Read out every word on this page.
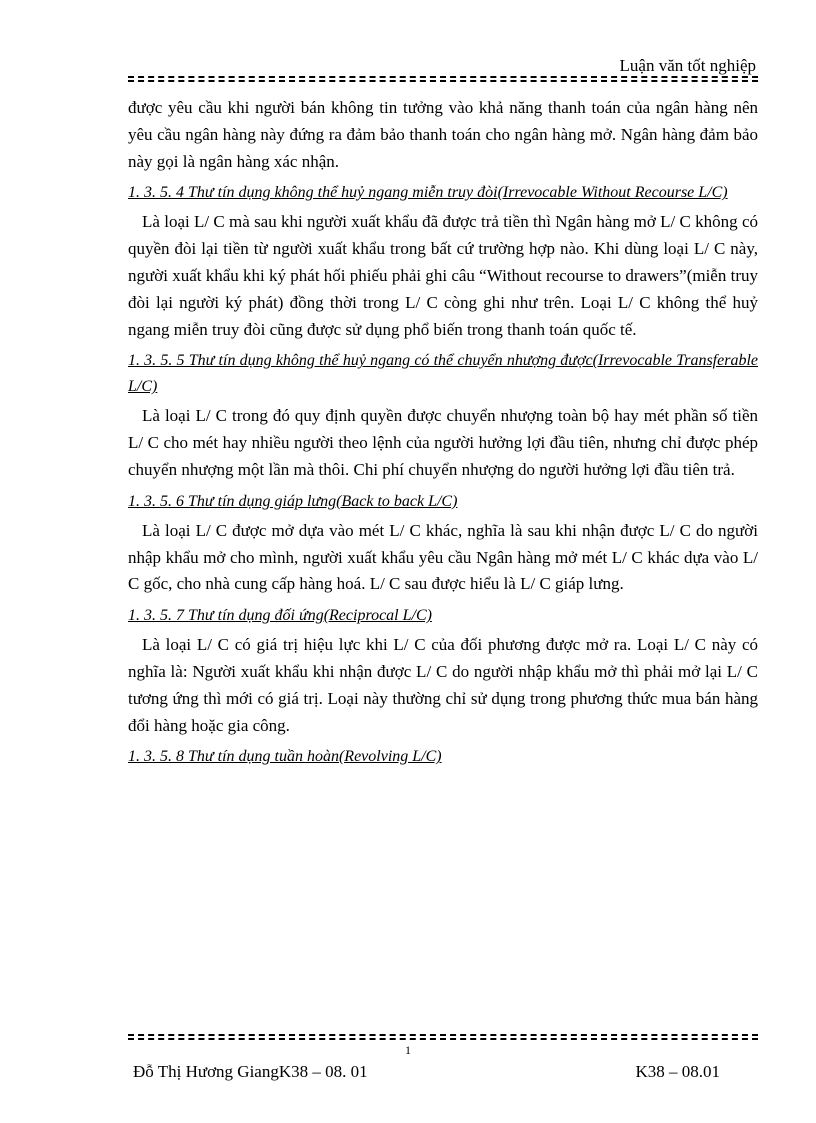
Luận văn tốt nghiệp

được yêu cầu khi người bán không tin tưởng vào khả năng thanh toán của ngân hàng nên yêu cầu ngân hàng này đứng ra đảm bảo thanh toán cho ngân hàng mở. Ngân hàng đảm bảo này gọi là ngân hàng xác nhận.

1. 3. 5. 4 Thư tín dụng không thể huỷ ngang miễn truy đòi(Irrevocable Without Recourse L/C)

Là loại L/ C mà sau khi người xuất khẩu đã được trả tiền thì Ngân hàng mở L/ C không có quyền đòi lại tiền từ người xuất khẩu trong bất cứ trường hợp nào. Khi dùng loại L/ C này, người xuất khẩu khi ký phát hối phiếu phải ghi câu “Without recourse to drawers”(miễn truy đòi lại người ký phát) đồng thời trong L/ C còng ghi như trên. Loại L/ C không thể huỷ ngang miễn truy đòi cũng được sử dụng phổ biến trong thanh toán quốc tế.

1. 3. 5. 5 Thư tín dụng không thể huỷ ngang có thể chuyển nhượng được(Irrevocable Transferable L/C)

Là loại L/ C trong đó quy định quyền được chuyển nhượng toàn bộ hay mét phần số tiền L/ C cho mét hay nhiều người theo lệnh của người hưởng lợi đầu tiên, nhưng chỉ được phép chuyển nhượng một lần mà thôi. Chi phí chuyển nhượng do người hưởng lợi đầu tiên trả.

1. 3. 5. 6 Thư tín dụng giáp lưng(Back to back L/C)

Là loại L/ C được mở dựa vào mét L/ C khác, nghĩa là sau khi nhận được L/ C do người nhập khẩu mở cho mình, người xuất khẩu yêu cầu Ngân hàng mở mét L/ C khác dựa vào L/ C gốc, cho nhà cung cấp hàng hoá. L/ C sau được hiểu là L/ C giáp lưng.

1. 3. 5. 7 Thư tín dụng đối ứng(Reciprocal L/C)

Là loại L/ C có giá trị hiệu lực khi L/ C của đối phương được mở ra. Loại L/ C này có nghĩa là: Người xuất khẩu khi nhận được L/ C do người nhập khẩu mở thì phải mở lại L/ C tương ứng thì mới có giá trị. Loại này thường chỉ sử dụng trong phương thức mua bán hàng đổi hàng hoặc gia công.

1. 3. 5. 8 Thư tín dụng tuần hoàn(Revolving L/C)
1
Đỗ Thị Hương GiangK38 – 08. 01	K38 – 08.01
